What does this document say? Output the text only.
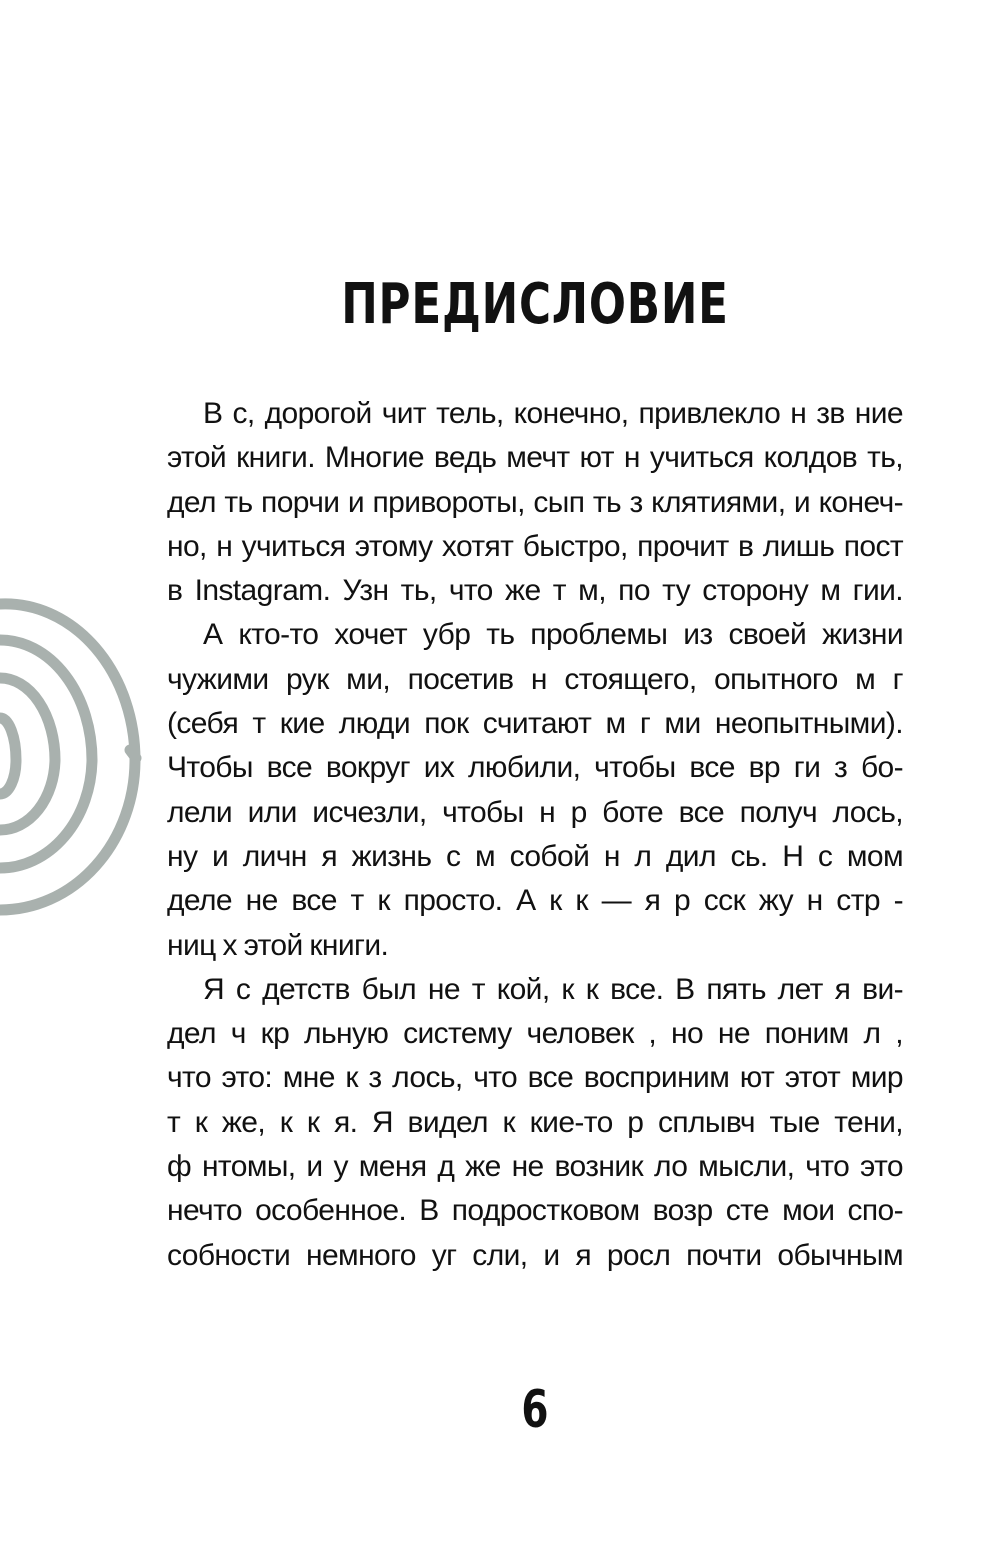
ПРЕДИСЛОВИЕ
В с, дорогой чит тель, конечно, привлекло н зв ние
этой книги. Многие ведь мечт ют н учиться колдов ть,
дел ть порчи и привороты, сып ть з клятиями, и конеч-
но, н учиться этому хотят быстро, прочит в лишь пост
в Instagram. Узн ть, что же т м, по ту сторону м гии.
А кто-то хочет убр ть проблемы из своей жизни
чужими рук ми, посетив н стоящего, опытного м г
(себя т кие люди пок считают м г ми неопытными).
Чтобы все вокруг их любили, чтобы все вр ги з бо-
лели или исчезли, чтобы н р боте все получ лось,
ну и личн я жизнь с м собой н л дил сь. Н с мом
деле не все т к просто. А к к — я р сск жу н стр -
ниц х этой книги.
Я с детств был не т кой, к к все. В пять лет я ви-
дел ч кр льную систему человек , но не поним л ,
что это: мне к з лось, что все восприним ют этот мир
т к же, к к я. Я видел к кие-то р сплывч тые тени,
ф нтомы, и у меня д же не возник ло мысли, что это
нечто особенное. В подростковом возр сте мои спо-
собности немного уг сли, и я росл почти обычным
6
